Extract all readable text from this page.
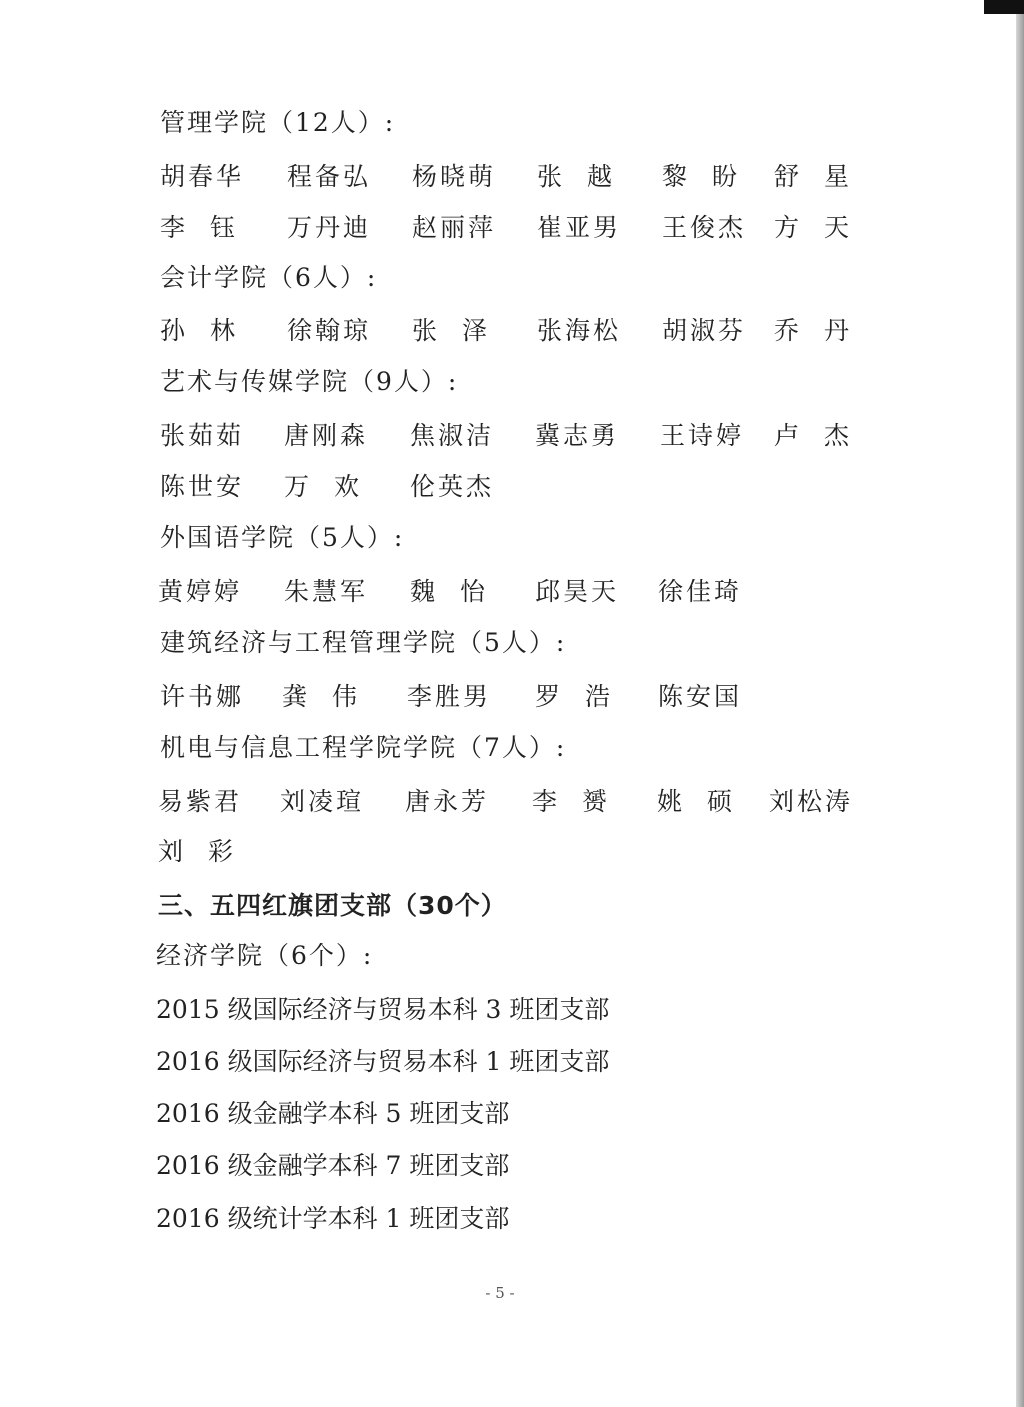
管理学院（12人）:
胡春华 程备弘 杨晓萌 张 越 黎 盼 舒 星
李 钰 万丹迪 赵丽萍 崔亚男 王俊杰 方 天
会计学院（6人）:
孙 林 徐翰琼 张 泽 张海松 胡淑芬 乔 丹
艺术与传媒学院（9人）:
张茹茹 唐刚森 焦淑洁 冀志勇 王诗婷 卢 杰
陈世安 万 欢 伦英杰
外国语学院（5人）:
黄婷婷 朱慧军 魏 怡 邱昊天 徐佳琦
建筑经济与工程管理学院（5人）:
许书娜 龚 伟 李胜男 罗 浩 陈安国
机电与信息工程学院学院（7人）:
易紫君 刘凌瑄 唐永芳 李 赟 姚 硕 刘松涛
刘 彩
三、五四红旗团支部（30个）
经济学院（6个）:
2015 级国际经济与贸易本科 3 班团支部
2016 级国际经济与贸易本科 1 班团支部
2016 级金融学本科 5 班团支部
2016 级金融学本科 7 班团支部
2016 级统计学本科 1 班团支部
- 5 -
